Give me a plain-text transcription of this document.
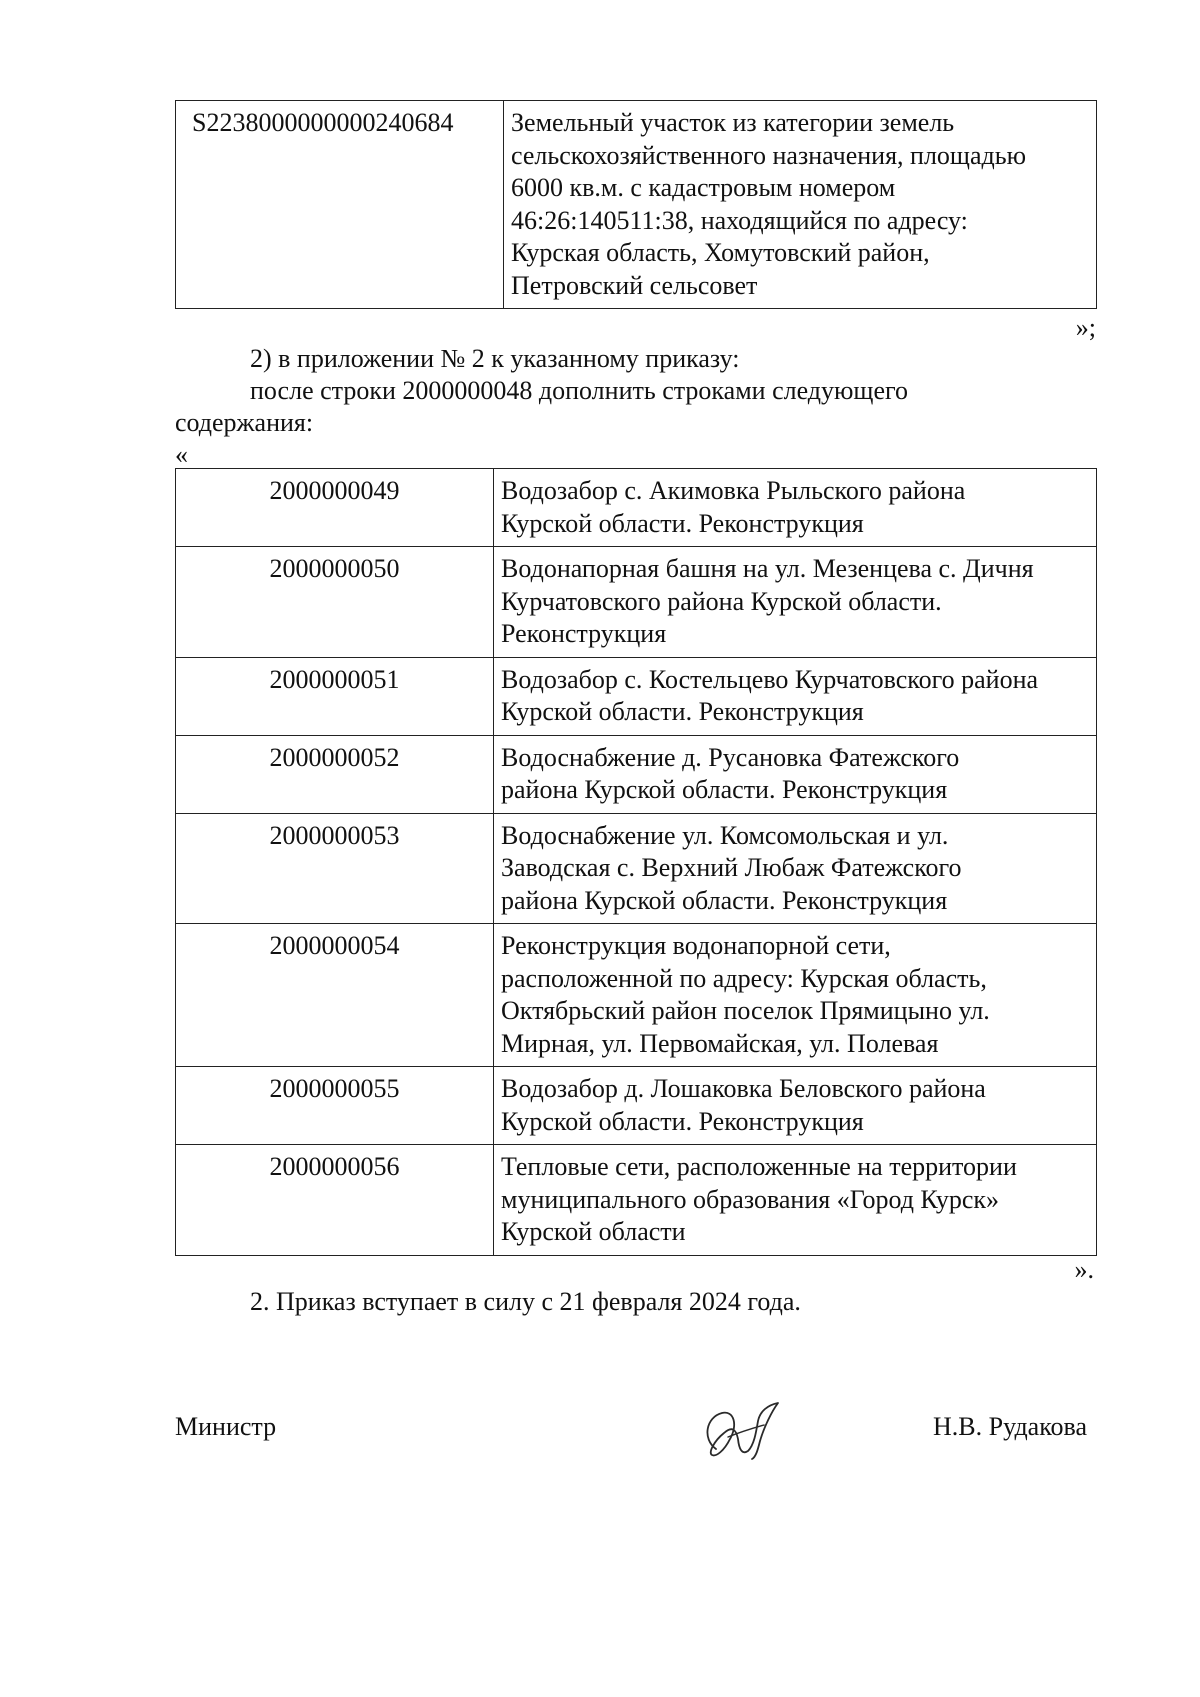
S2238000000000240684	Земельный участок из категории земель
сельскохозяйственного назначения, площадью
6000 кв.м. с кадастровым номером
46:26:140511:38, находящийся по адресу:
Курская область, Хомутовский район,
Петровский сельсовет
»;
2) в приложении № 2 к указанному приказу:
после строки 2000000048 дополнить строками следующего
содержания:
«
2000000049	Водозабор с. Акимовка Рыльского района
Курской области. Реконструкция

2000000050	Водонапорная башня на ул. Мезенцева с. Дичня
Курчатовского района Курской области.
Реконструкция

2000000051	Водозабор с. Костельцево Курчатовского района
Курской области. Реконструкция

2000000052	Водоснабжение д. Русановка Фатежского
района Курской области. Реконструкция

2000000053	Водоснабжение ул. Комсомольская и ул.
Заводская с. Верхний Любаж Фатежского
района Курской области. Реконструкция

2000000054	Реконструкция водонапорной сети,
расположенной по адресу: Курская область,
Октябрьский район поселок Прямицыно ул.
Мирная, ул. Первомайская, ул. Полевая

2000000055	Водозабор д. Лошаковка Беловского района
Курской области. Реконструкция

2000000056	Тепловые сети, расположенные на территории
муниципального образования «Город Курск»
Курской области
».
2. Приказ вступает в силу с 21 февраля 2024 года.
Министр	Н.В. Рудакова
